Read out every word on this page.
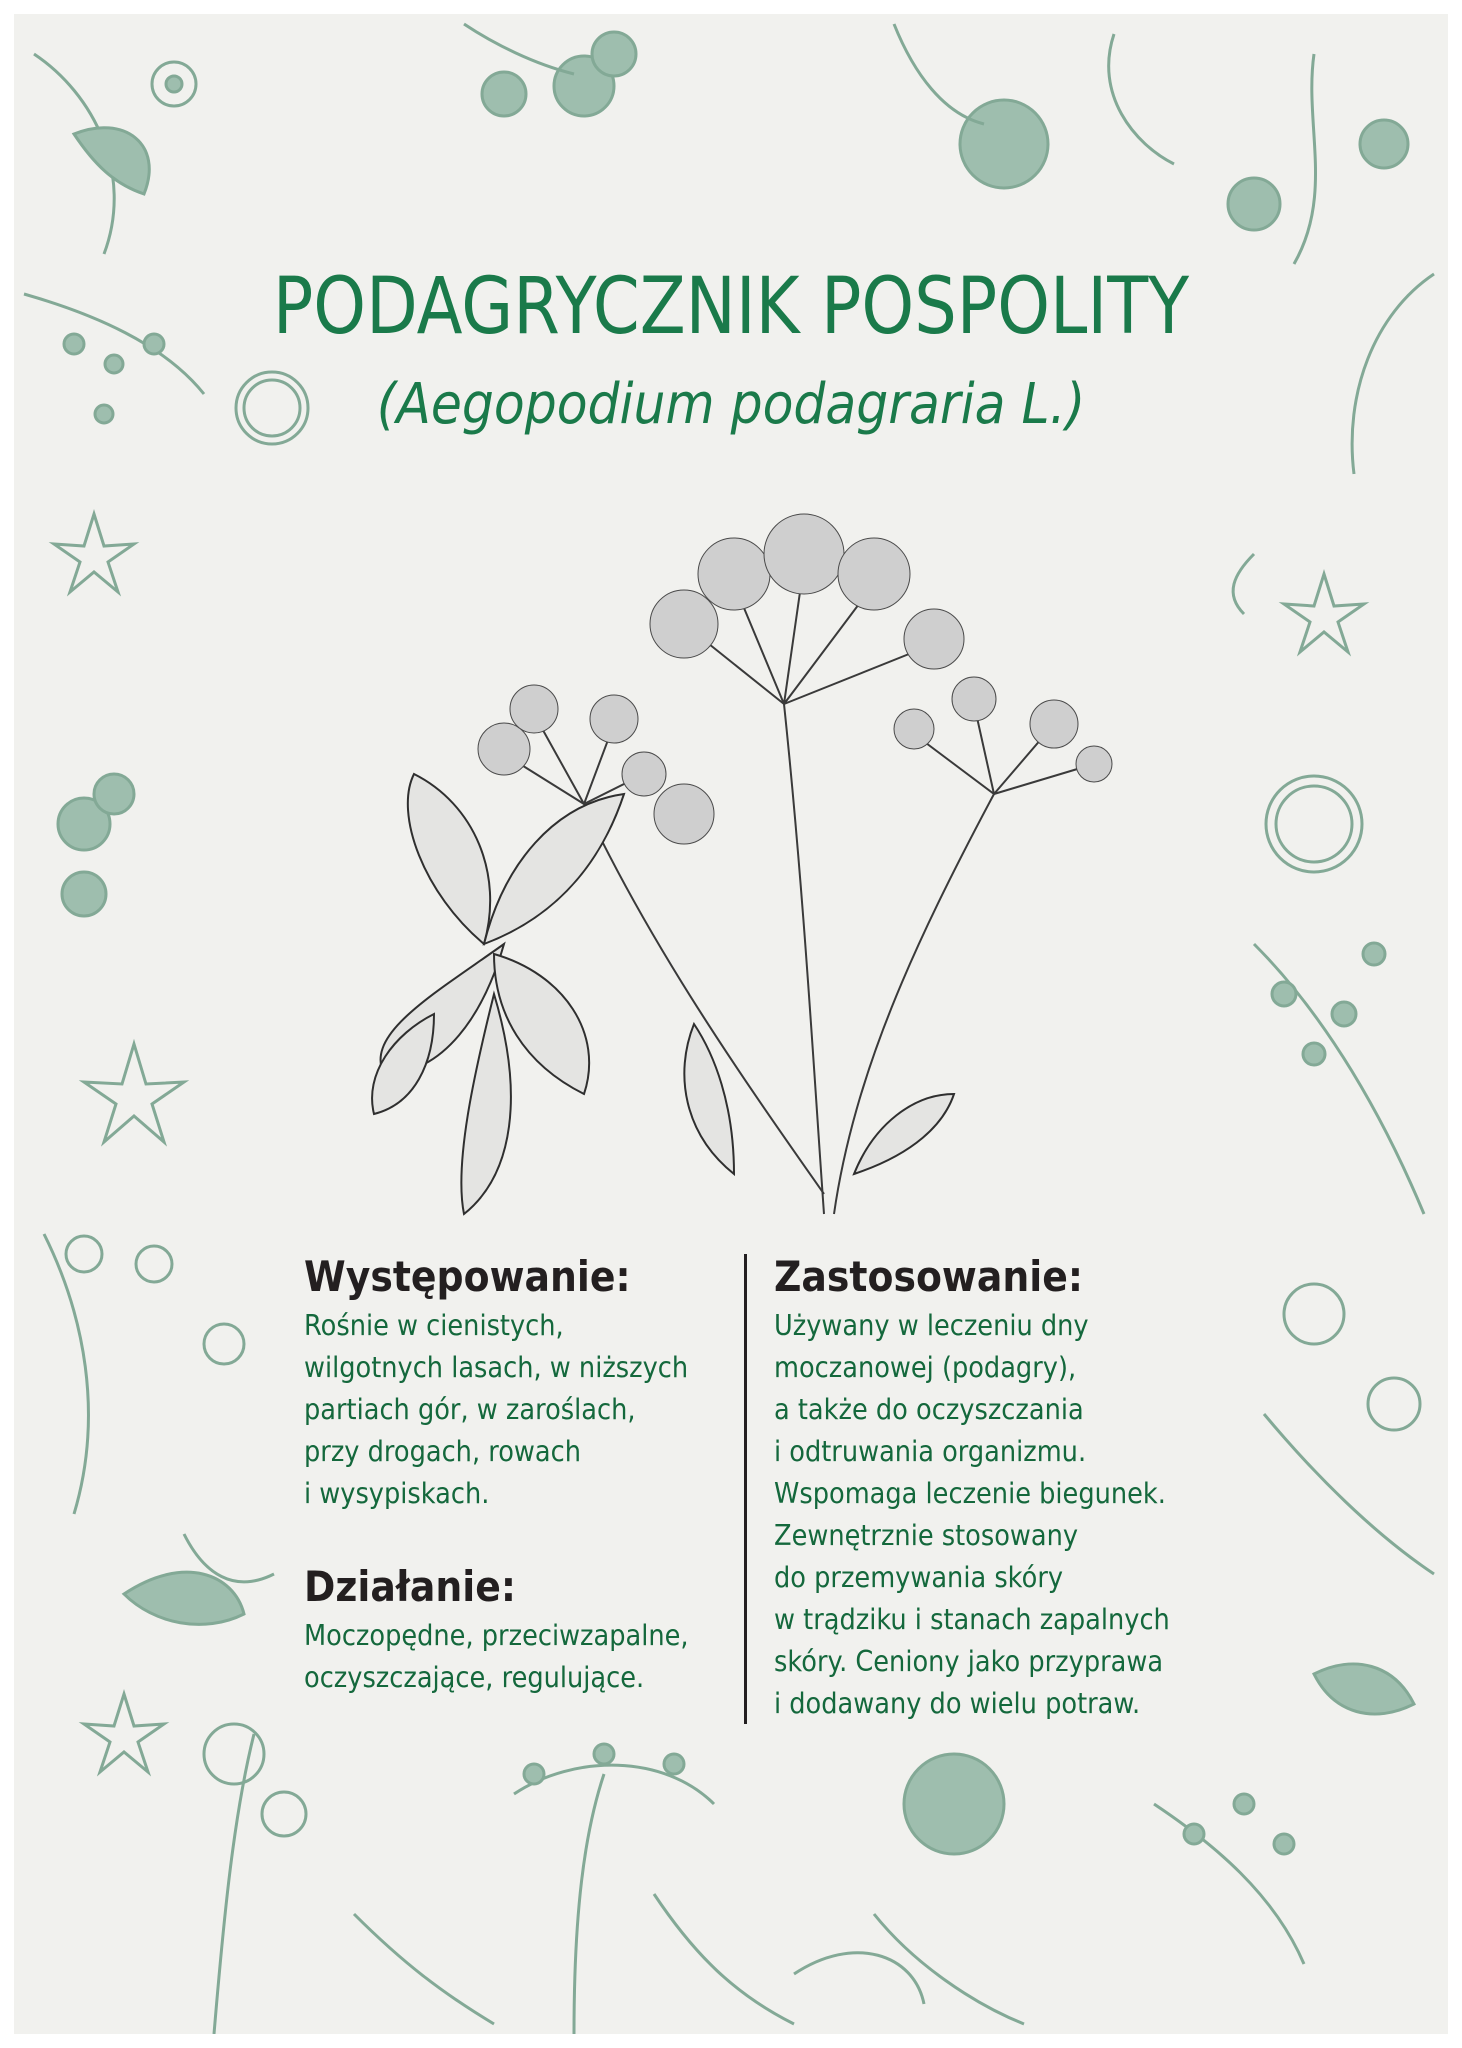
PODAGRYCZNIK POSPOLITY
(Aegopodium podagraria L.)
Występowanie:

Rośnie w cienistych,
wilgotnych lasach, w niższych
partiach gór, w zaroślach,
przy drogach, rowach
i wysypiskach.

Działanie:

Moczopędne, przeciwzapalne,
oczyszczające, regulujące.

Zastosowanie:

Używany w leczeniu dny
moczanowej (podagry),
a także do oczyszczania
i odtruwania organizmu.
Wspomaga leczenie biegunek.
Zewnętrznie stosowany
do przemywania skóry
w trądziku i stanach zapalnych
skóry. Ceniony jako przyprawa
i dodawany do wielu potraw.
